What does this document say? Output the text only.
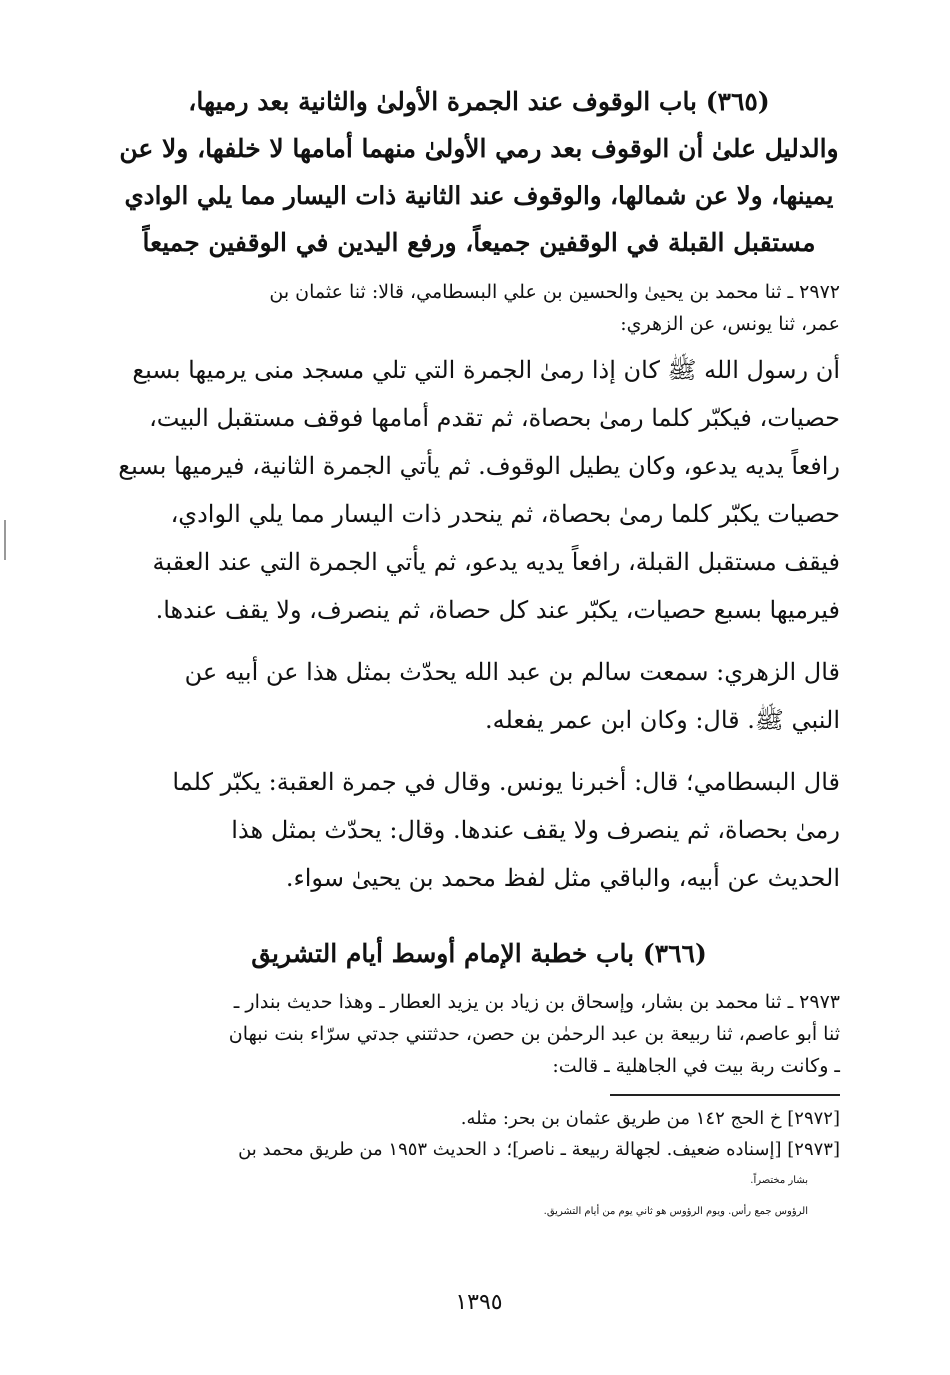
(٣٦٥) باب الوقوف عند الجمرة الأولىٰ والثانية بعد رميها،
والدليل علىٰ أن الوقوف بعد رمي الأولىٰ منهما أمامها لا خلفها، ولا عن
يمينها، ولا عن شمالها، والوقوف عند الثانية ذات اليسار مما يلي الوادي
مستقبل القبلة في الوقفين جميعاً، ورفع اليدين في الوقفين جميعاً
٢٩٧٢ ـ ثنا محمد بن يحيىٰ والحسين بن علي البسطامي، قالا: ثنا عثمان بن
عمر، ثنا يونس، عن الزهري:
أن رسول الله ﷺ كان إذا رمىٰ الجمرة التي تلي مسجد منى يرميها بسبع
حصيات، فيكبّر كلما رمىٰ بحصاة، ثم تقدم أمامها فوقف مستقبل البيت،
رافعاً يديه يدعو، وكان يطيل الوقوف. ثم يأتي الجمرة الثانية، فيرميها بسبع
حصيات يكبّر كلما رمىٰ بحصاة، ثم ينحدر ذات اليسار مما يلي الوادي،
فيقف مستقبل القبلة، رافعاً يديه يدعو، ثم يأتي الجمرة التي عند العقبة
فيرميها بسبع حصيات، يكبّر عند كل حصاة، ثم ينصرف، ولا يقف عندها.
قال الزهري: سمعت سالم بن عبد الله يحدّث بمثل هذا عن أبيه عن
النبي ﷺ. قال: وكان ابن عمر يفعله.
قال البسطامي؛ قال: أخبرنا يونس. وقال في جمرة العقبة: يكبّر كلما
رمىٰ بحصاة، ثم ينصرف ولا يقف عندها. وقال: يحدّث بمثل هذا
الحديث عن أبيه، والباقي مثل لفظ محمد بن يحيىٰ سواء.
(٣٦٦) باب خطبة الإمام أوسط أيام التشريق
٢٩٧٣ ـ ثنا محمد بن بشار، وإسحاق بن زياد بن يزيد العطار ـ وهذا حديث بندار ـ
ثنا أبو عاصم، ثنا ربيعة بن عبد الرحمٰن بن حصن، حدثتني جدتي سرّاء بنت نبهان
ـ وكانت ربة بيت في الجاهلية ـ قالت:
[٢٩٧٢] خ الحج ١٤٢ من طريق عثمان بن بحر: مثله.
[٢٩٧٣] [إسناده ضعيف. لجهالة ربيعة ـ ناصر]؛ د الحديث ١٩٥٣ من طريق محمد بن
بشار مختصراً.
الرؤوس جمع رأس. ويوم الرؤوس هو ثاني يوم من أيام التشريق.
١٣٩٥
